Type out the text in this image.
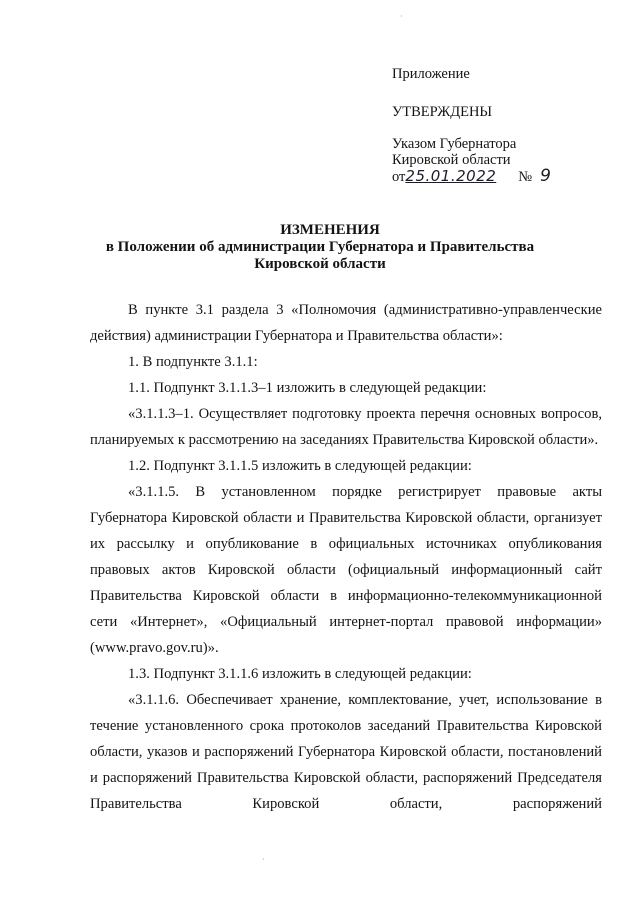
Приложение
УТВЕРЖДЕНЫ
Указом Губернатора
Кировской области
от25.01.2022 № 9
ИЗМЕНЕНИЯ
в Положении об администрации Губернатора и Правительства
Кировской области

В пункте 3.1 раздела 3 «Полномочия (административно-управленческие действия) администрации Губернатора и Правительства области»:

1. В подпункте 3.1.1:

1.1. Подпункт 3.1.1.3–1 изложить в следующей редакции:

«3.1.1.3–1. Осуществляет подготовку проекта перечня основных вопросов, планируемых к рассмотрению на заседаниях Правительства Кировской области».

1.2. Подпункт 3.1.1.5 изложить в следующей редакции:

«3.1.1.5. В установленном порядке регистрирует правовые акты Губернатора Кировской области и Правительства Кировской области, организует их рассылку и опубликование в официальных источниках опубликования правовых актов Кировской области (официальный информационный сайт Правительства Кировской области в информационно-телекоммуникационной сети «Интернет», «Официальный интернет-портал правовой информации» (www.pravo.gov.ru)».

1.3. Подпункт 3.1.1.6 изложить в следующей редакции:

«3.1.1.6. Обеспечивает хранение, комплектование, учет, использование в течение установленного срока протоколов заседаний Правительства Кировской области, указов и распоряжений Губернатора Кировской области, постановлений и распоряжений Правительства Кировской области, распоряжений Председателя Правительства Кировской области, распоряжений

·
·
